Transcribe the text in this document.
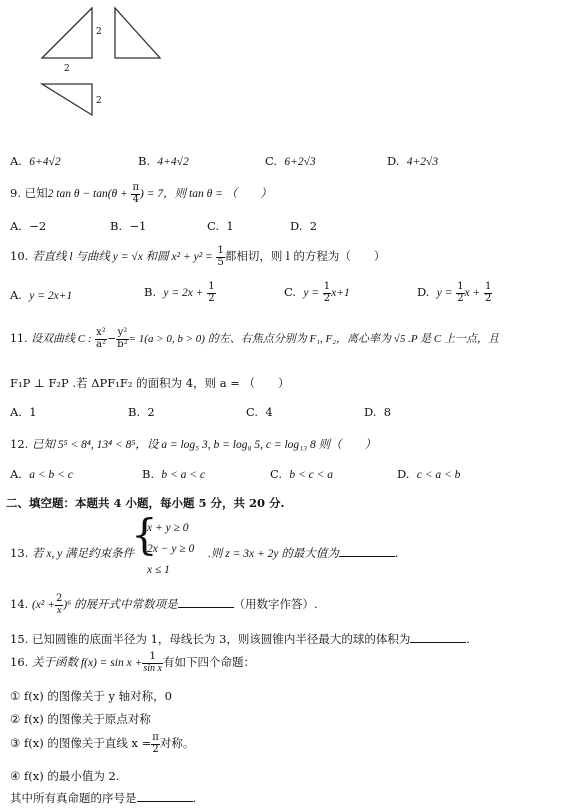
2
2
2
A. 6+4√2	B. 4+4√2	C. 6+2√3	D. 4+2√3
9. 已知2 $\tan \theta - \tan(\theta + \frac{\pi}{4}$ ) = 7，则 tan θ = （　　）
A. −2	B. −1	C. 1	D. 2
10. 若直线 l 与曲线 y = √x 和圆 $x^2 + y^2 = \frac{1}{5}$ 都相切，则 l 的方程为（　　）
A. y = 2x+1	B. $y = 2x + \frac{1}{2}$	C. $y = \frac{1}{2} x+1$	D. $y = \frac{1}{2}$ $x + \frac{1}{2}$
11. 设双曲线 C : $\frac{\text{x²}}{\text{a²}} - \frac{\text{y²}}{\text{b²}} = 1(a > 0$, b > 0) 的左、右焦点分别为 F₁, F₂，离心率为 √5 .P 是 C 上一点，且
F₁P ⊥ F₂P .若 ΔPF₁F₂ 的面积为 4，则 a = （　　）
A. 1	B. 2	C. 4	D. 8
12. 已知 5⁵ < 8⁴, 13⁴ < 8⁵，设 a = log₅ 3, b = log₈ 5, c = log₁₃ 8 则（　　）
A. a < b < c	B. b < a < c	C. b < c < a	D. c < a < b
二、填空题：本题共 4 小题，每小题 5 分，共 20 分.
13. 若 x, y 满足约束条件
{
x + y ≥ 0
2x − y ≥ 0
x ≤ 1
.则 z = 3x + 2y 的最大值为	.
14. $(x^2 + \frac{2}{x} )^6$ 的展开式中常数项是	（用数字作答）.
15. 已知圆锥的底面半径为 1，母线长为 3，则该圆锥内半径最大的球的体积为	.
16. 关于函数 $f(x) = \sin x + \frac{1}{\text{sin x}}$ 有如下四个命题：
① f(x) 的图像关于 y 轴对称，0
② f(x) 的图像关于原点对称
③ f(x) 的图像关于直线 $x = \frac{\pi}{2}$ 对称。
④ f(x) 的最小值为 2.
其中所有真命题的序号是	.
